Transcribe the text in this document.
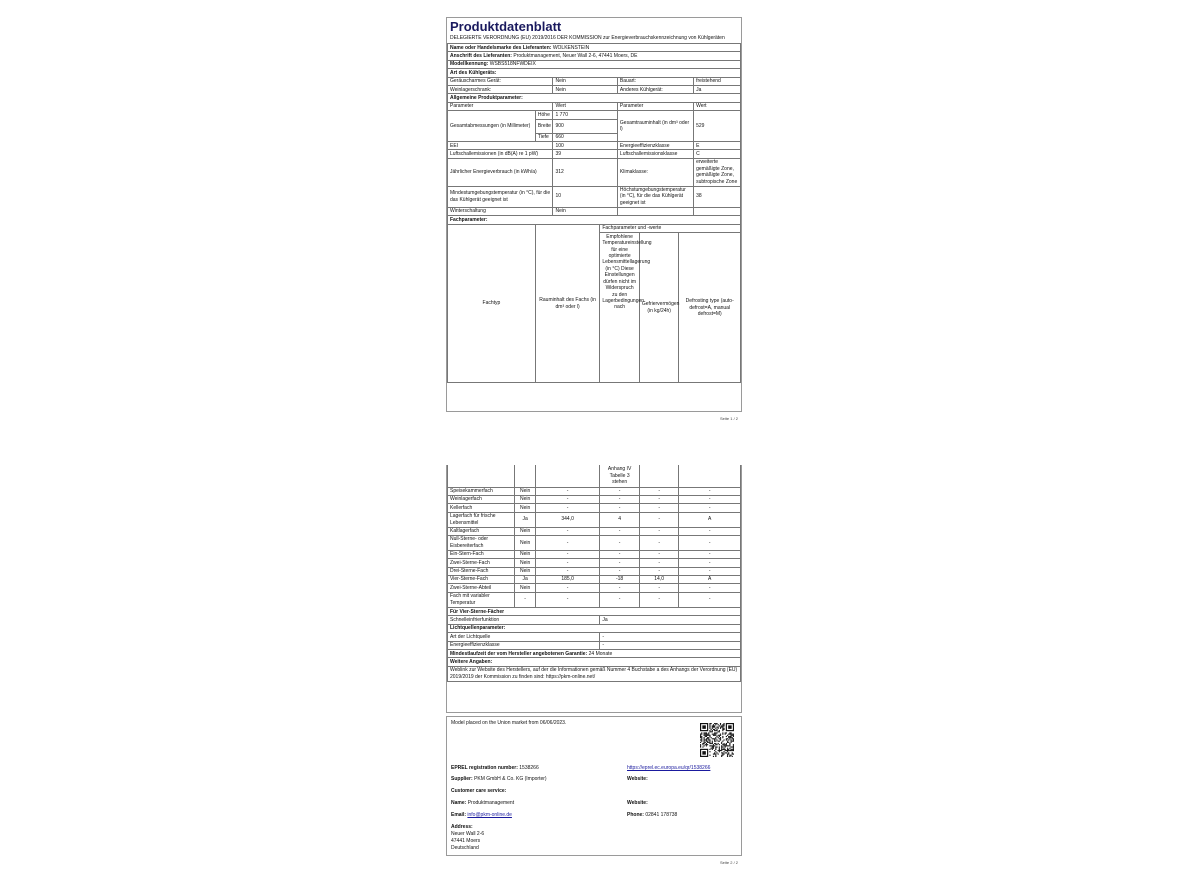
Produktdatenblatt
DELEGIERTE VERORDNUNG (EU) 2019/2016 DER KOMMISSION zur Energieverbrauchskennzeichnung von Kühlgeräten
Name oder Handelsmarke des Lieferanten: WOLKENSTEIN				
Anschrift des Lieferanten: Produktmanagement, Neuer Wall 2-6, 47441 Moers, DE				
Modellkennung: WSBS518NFWDEIX				
Art des Kühlgeräts:				
Geräuscharmes Gerät:		Nein	Bauart:	freistehend
Weinlagerschrank:		Nein	Anderes Kühlgerät:	Ja
Allgemeine Produktparameter:				
Parameter		Wert	Parameter	Wert
Gesamtabmessungen (in Millimeter)	Höhe	1 770	Gesamtrauminhalt (in dm³ oder l)	529
	Breite	900		
	Tiefe	660		
EEI		100	Energieeffizienzklasse	E
Luftschallemissionen (in dB(A) re 1 pW)		39	Luftschallemissionsklasse	C
Jährlicher Energieverbrauch (in kWh/a)		312	Klimaklasse:	erweiterte gemäßigte Zone, gemäßigte Zone, subtropische Zone
Mindestumgebungstemperatur (in °C), für die das Kühlgerät geeignet ist		10	Höchstumgebungstemperatur (in °C), für die das Kühlgerät geeignet ist	38
Winterschaltung		Nein		
Fachparameter:				
Fachtyp	Rauminhalt des Fachs (in dm³ oder l)	Fachparameter und -werte		
		Empfohlene Temperatureinstellung für eine optimierte Lebensmittellagerung (in °C) Diese Einstellungen dürfen nicht im Widerspruch zu den Lagerbedingungen nach	Gefriervermögen (in kg/24h)	Defrosting type (auto-defrost=A, manual defrost=M)
Seite 1 / 2
			Anhang IV Tabelle 3 stehen		
Speisekammerfach	Nein	-	-	-	-
Weinlagerfach	Nein	-	-	-	-
Kellerfach	Nein	-	-	-	-
Lagerfach für frische Lebensmittel	Ja	344,0	4	-	A
Kaltlagerfach	Nein	-	-	-	-
Null-Sterne- oder Eisbereiterfach	Nein	-	-	-	-
Ein-Stern-Fach	Nein	-	-	-	-
Zwei-Sterne-Fach	Nein	-	-	-	-
Drei-Sterne-Fach	Nein	-	-	-	-
Vier-Sterne-Fach	Ja	185,0	-18	14,0	A
Zwei-Sterne-Abteil	Nein	-	-	-	-
Fach mit variabler Temperatur	-	-	-	-	-
Für Vier-Sterne-Fächer	
Schnelleinfrierfunktion	Ja
Lichtquellenparameter:	
Art der Lichtquelle	-
Energieeffizienzklasse	-
Mindestlaufzeit der vom Hersteller angebotenen Garantie: 24 Monate	
Weitere Angaben:	
Weblink zur Website des Herstellers, auf der die Informationen gemäß Nummer 4 Buchstabe a des Anhangs der Verordnung (EU) 2019/2019 der Kommission zu finden sind: https://pkm-online.net/	
Model placed on the Union market from 06/06/2023.
EPREL registration number: 1538266	https://eprel.ec.europa.eu/qr/1538266
Supplier: PKM GmbH & Co. KG (Importer)	Website:
Customer care service:
Name: Produktmanagement	Website:
Email: info@pkm-online.de	Phone: 02841 178738
Address:
Neuer Wall 2-6
47441 Moers
Deutschland
Seite 2 / 2
